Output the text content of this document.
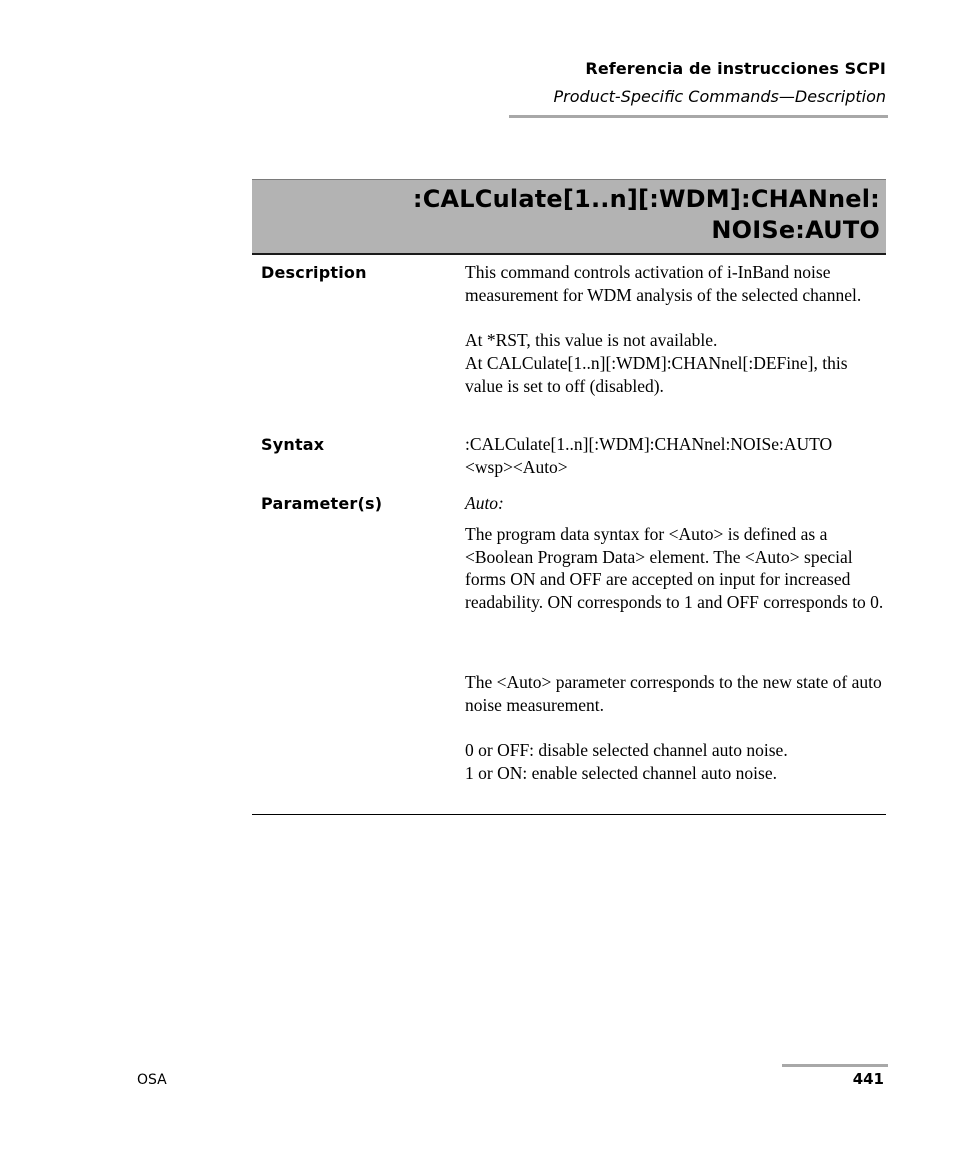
Referencia de instrucciones SCPI
Product-Specific Commands—Description
:CALCulate[1..n][:WDM]:CHANnel:
NOISe:AUTO
Description	This command controls activation of i-InBand noise measurement for WDM analysis of the selected channel.

At *RST, this value is not available.

At CALCulate[1..n][:WDM]:CHANnel[:DEFine], this value is set to off (disabled).

Syntax	:CALCulate[1..n][:WDM]:CHANnel:NOISe:AUTO

<wsp><Auto>

Parameter(s)	Auto:

The program data syntax for <Auto> is defined as a <Boolean Program Data> element. The <Auto> special forms ON and OFF are accepted on input for increased readability. ON corresponds to 1 and OFF corresponds to 0.

The <Auto> parameter corresponds to the new state of auto noise measurement.

0 or OFF: disable selected channel auto noise.

1 or ON: enable selected channel auto noise.

OSA	441
